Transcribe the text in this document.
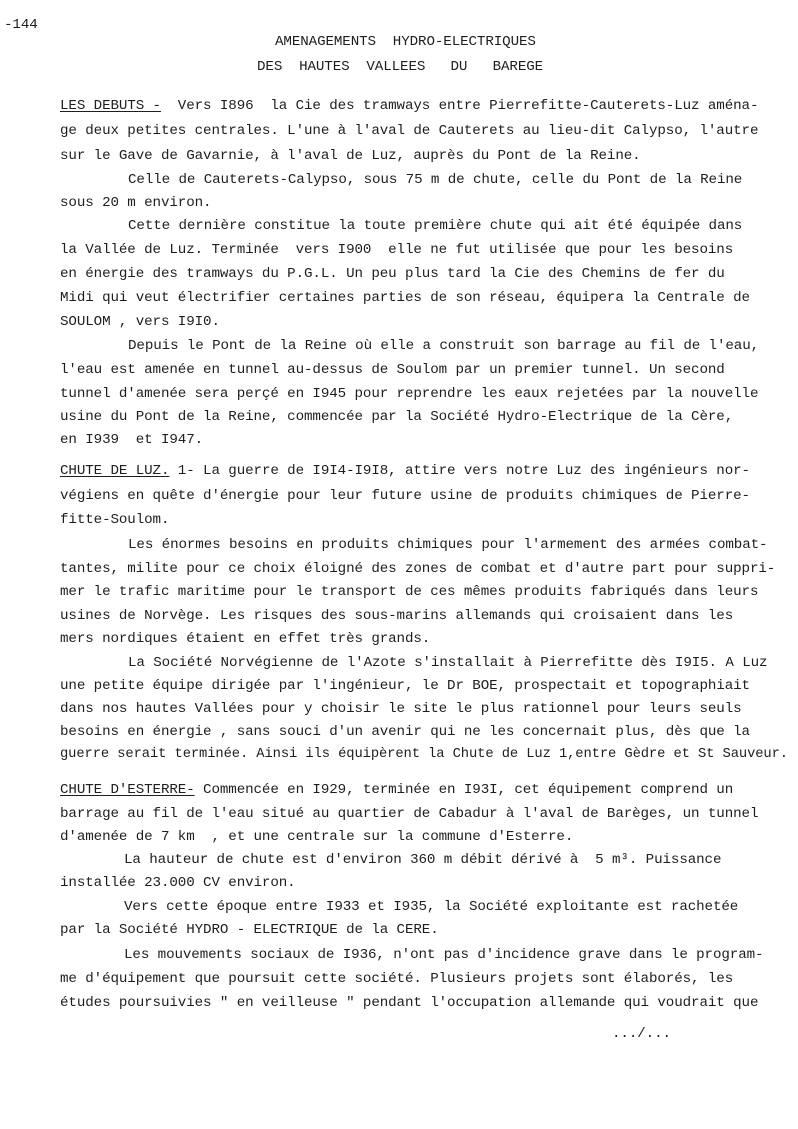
-144
AMENAGEMENTS  HYDRO-ELECTRIQUES
DES  HAUTES  VALLEES   DU   BAREGE
LES DEBUTS -  Vers I896  la Cie des tramways entre Pierrefitte-Cauterets-Luz aména-
ge deux petites centrales. L'une à l'aval de Cauterets au lieu-dit Calypso, l'autre
sur le Gave de Gavarnie, à l'aval de Luz, auprès du Pont de la Reine.
Celle de Cauterets-Calypso, sous 75 m de chute, celle du Pont de la Reine
sous 20 m environ.
Cette dernière constitue la toute première chute qui ait été équipée dans
la Vallée de Luz. Terminée  vers I900  elle ne fut utilisée que pour les besoins
en énergie des tramways du P.G.L. Un peu plus tard la Cie des Chemins de fer du
Midi qui veut électrifier certaines parties de son réseau, équipera la Centrale de
SOULOM , vers I9I0.
Depuis le Pont de la Reine où elle a construit son barrage au fil de l'eau,
l'eau est amenée en tunnel au-dessus de Soulom par un premier tunnel. Un second
tunnel d'amenée sera perçé en I945 pour reprendre les eaux rejetées par la nouvelle
usine du Pont de la Reine, commencée par la Société Hydro-Electrique de la Cère,
en I939  et I947.
CHUTE DE LUZ. 1- La guerre de I9I4-I9I8, attire vers notre Luz des ingénieurs nor-
végiens en quête d'énergie pour leur future usine de produits chimiques de Pierre-
fitte-Soulom.
Les énormes besoins en produits chimiques pour l'armement des armées combat-
tantes, milite pour ce choix éloigné des zones de combat et d'autre part pour suppri-
mer le trafic maritime pour le transport de ces mêmes produits fabriqués dans leurs
usines de Norvège. Les risques des sous-marins allemands qui croisaient dans les
mers nordiques étaient en effet très grands.
La Société Norvégienne de l'Azote s'installait à Pierrefitte dès I9I5. A Luz
une petite équipe dirigée par l'ingénieur, le Dr BOE, prospectait et topographiait
dans nos hautes Vallées pour y choisir le site le plus rationnel pour leurs seuls
besoins en énergie , sans souci d'un avenir qui ne les concernait plus, dès que la
guerre serait terminée. Ainsi ils équipèrent la Chute de Luz 1,entre Gèdre et St Sauveur.
CHUTE D'ESTERRE- Commencée en I929, terminée en I93I, cet équipement comprend un
barrage au fil de l'eau situé au quartier de Cabadur à l'aval de Barèges, un tunnel
d'amenée de 7 km  , et une centrale sur la commune d'Esterre.
La hauteur de chute est d'environ 360 m débit dérivé à  5 m³. Puissance
installée 23.000 CV environ.
Vers cette époque entre I933 et I935, la Société exploitante est rachetée
par la Société HYDRO - ELECTRIQUE de la CERE.
Les mouvements sociaux de I936, n'ont pas d'incidence grave dans le program-
me d'équipement que poursuit cette société. Plusieurs projets sont élaborés, les
études poursuivies " en veilleuse " pendant l'occupation allemande qui voudrait que
.../...
